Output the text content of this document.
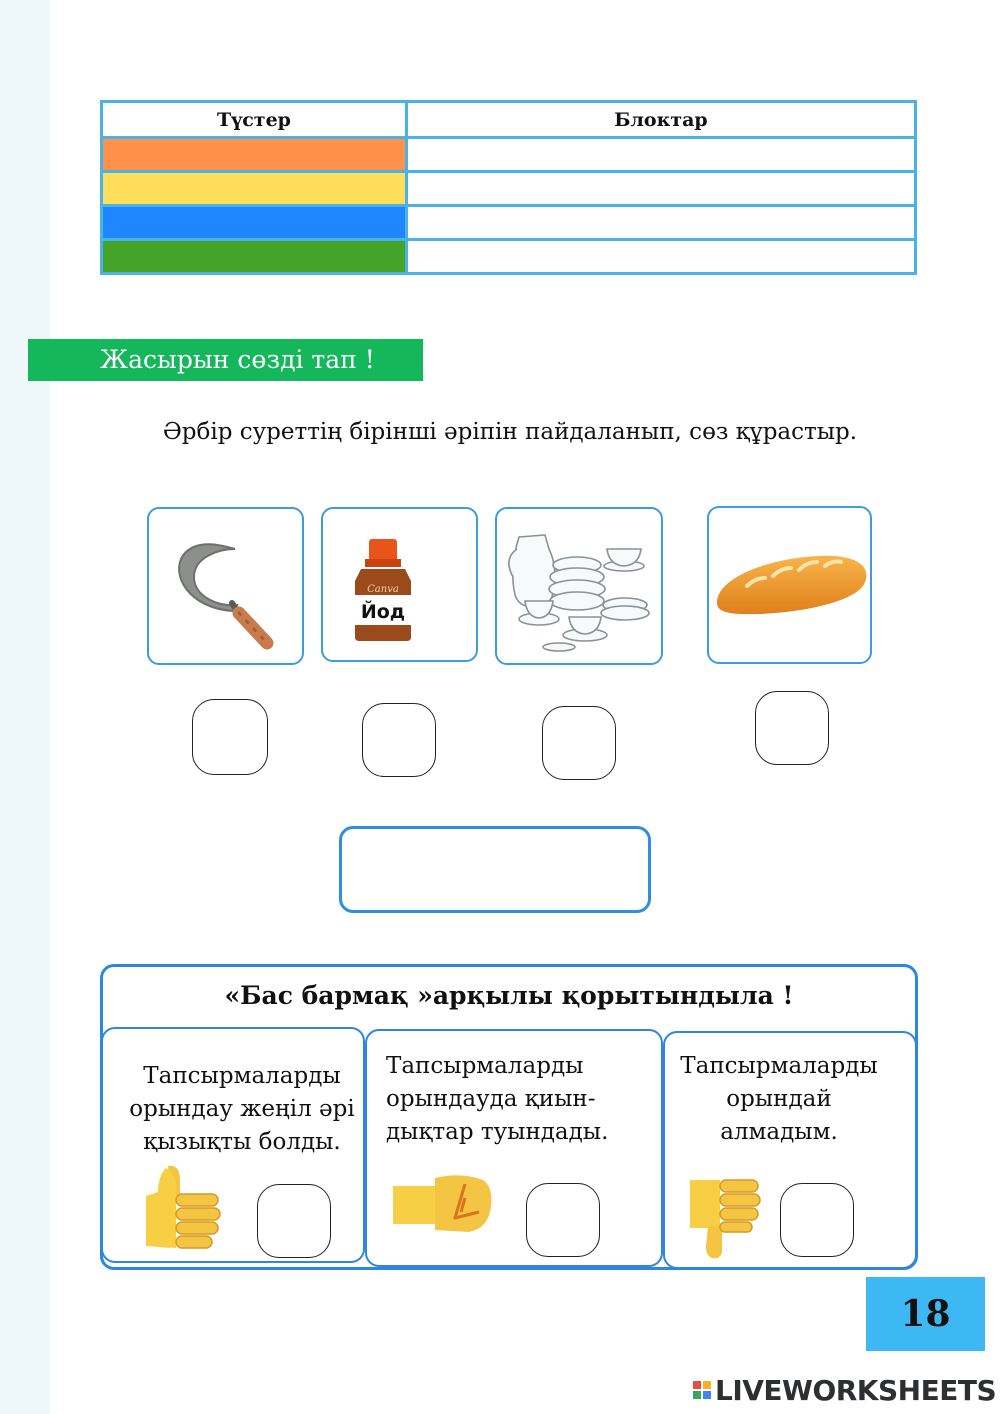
Түстер	Блоктар

Жасырын сөзді тап !
Әрбір суреттің бірінші әріпін пайдаланып, сөз құрастыр.
Canva
Йод
«Бас бармақ »арқылы қорытындыла !
Тапсырмаларды
орындау жеңіл әрі
қызықты болды.
Тапсырмаларды
орындауда қиын-
дықтар туындады.
Тапсырмаларды
орындай
алмадым.
18
LIVEWORKSHEETS
